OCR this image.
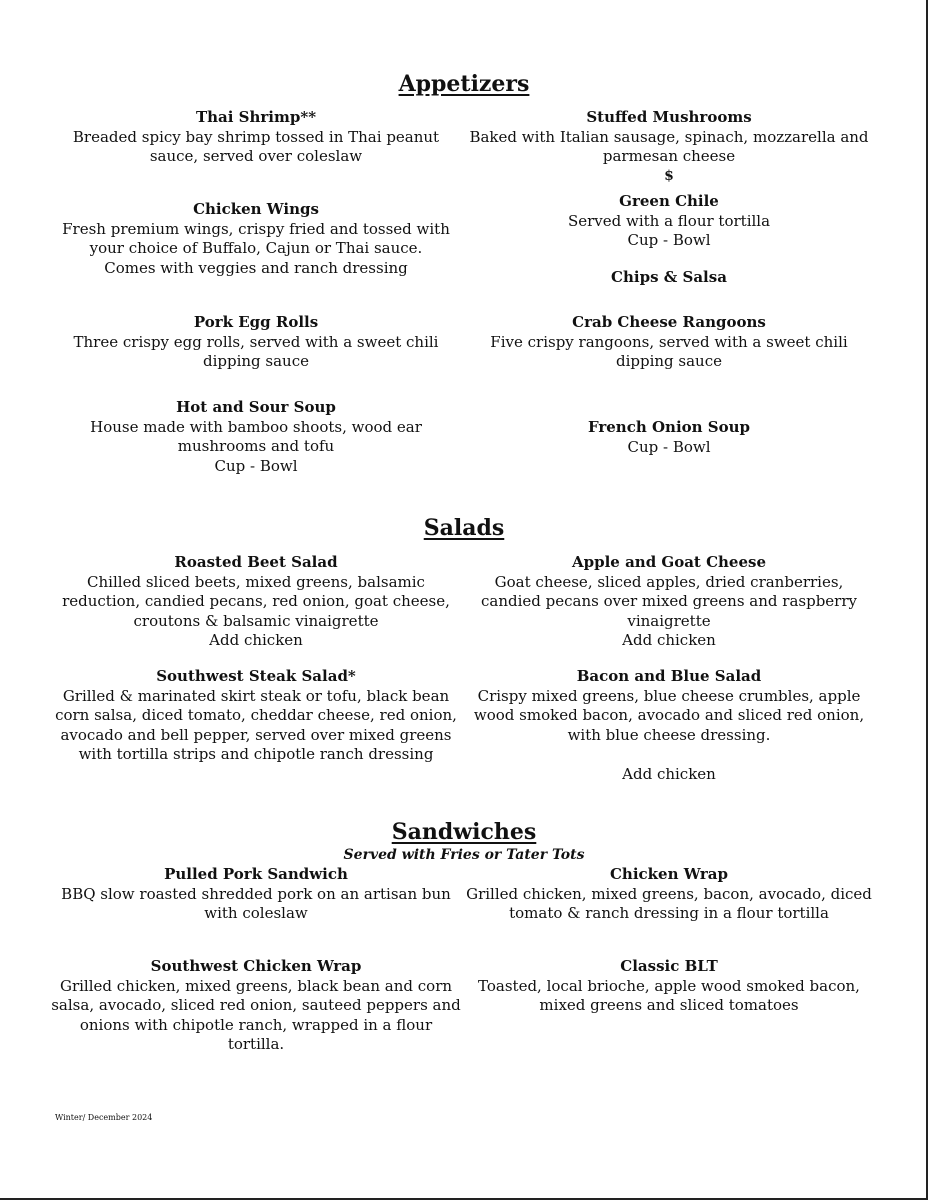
Appetizers
Thai Shrimp**
Breaded spicy bay shrimp tossed in Thai peanut sauce, served over coleslaw
Stuffed Mushrooms
Baked with Italian sausage, spinach, mozzarella and parmesan cheese
$
Chicken Wings
Fresh premium wings, crispy fried and tossed with your choice of Buffalo, Cajun or Thai sauce.
Comes with veggies and ranch dressing
Green Chile
Served with a flour tortilla
Cup - Bowl
Chips & Salsa
Pork Egg Rolls
Three crispy egg rolls, served with a sweet chili dipping sauce
Crab Cheese Rangoons
Five crispy rangoons, served with a sweet chili dipping sauce
Hot and Sour Soup
House made with bamboo shoots, wood ear mushrooms and tofu
Cup - Bowl
French Onion Soup
Cup - Bowl
Salads
Roasted Beet Salad
Chilled sliced beets, mixed greens, balsamic reduction, candied pecans, red onion, goat cheese, croutons & balsamic vinaigrette
Add chicken
Apple and Goat Cheese
Goat cheese, sliced apples, dried cranberries, candied pecans over mixed greens and raspberry vinaigrette
Add chicken
Southwest Steak Salad*
Grilled & marinated skirt steak or tofu, black bean corn salsa, diced tomato, cheddar cheese, red onion, avocado and bell pepper, served over mixed greens with tortilla strips and chipotle ranch dressing
Bacon and Blue Salad
Crispy mixed greens, blue cheese crumbles, apple wood smoked bacon, avocado and sliced red onion, with blue cheese dressing.
Add chicken
Sandwiches
Served with Fries or Tater Tots
Pulled Pork Sandwich
BBQ slow roasted shredded pork on an artisan bun with coleslaw
Chicken Wrap
Grilled chicken, mixed greens, bacon, avocado, diced tomato & ranch dressing in a flour tortilla
Southwest Chicken Wrap
Grilled chicken, mixed greens, black bean and corn salsa, avocado, sliced red onion, sauteed peppers and onions with chipotle ranch, wrapped in a flour tortilla.
Classic BLT
Toasted, local brioche, apple wood smoked bacon, mixed greens and sliced tomatoes
Winter/ December 2024
